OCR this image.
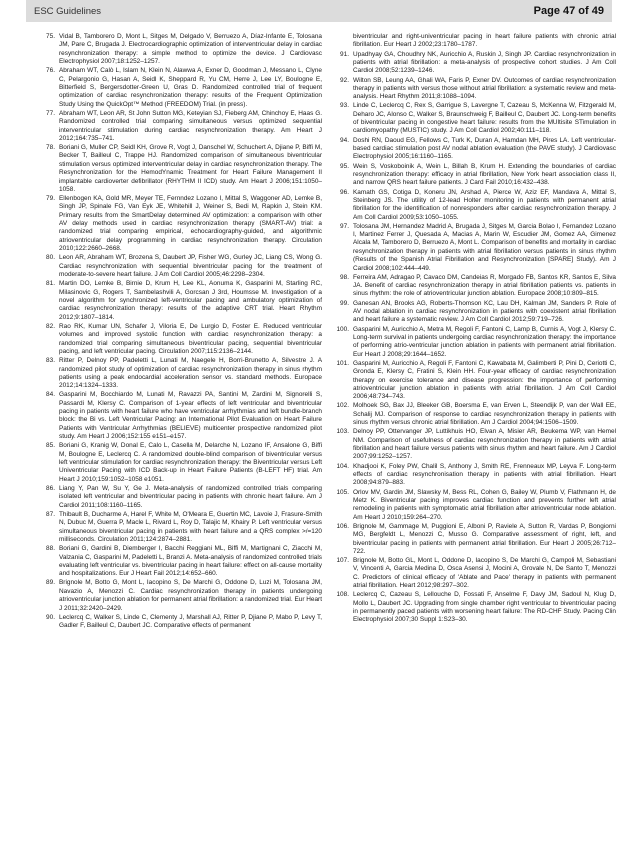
ESC Guidelines	Page 47 of 49
75. Vidal B, Tamborero D, Mont L, Sitges M, Delgado V, Berruezo A, Díaz-Infante E, Tolosana JM, Pare C, Brugada J. Electrocardiographic optimization of interventricular delay in cardiac resynchronization therapy: a simple method to optimize the device. J Cardiovasc Electrophysiol 2007;18:1252–1257.
76. Abraham WT, Calò L, Islam N, Klein N, Alawwa A, Exner D, Goodman J, Messano L, Clyne C, Pelargonio G, Hasan A, Seidl K, Sheppard R, Yu CM, Herre J, Lee LY, Boulogne E, Bitterfield S, Bergersdotter-Green U, Gras D. Randomized controlled trial of frequent optimization of cardiac resynchronization therapy: results of the Frequent Optimization Study Using the QuickOpt™ Method (FREEDOM) Trial. (in press).
77. Abraham WT, Leon AR, St John Sutton MG, Keteyian SJ, Fieberg AM, Chinchoy E, Haas G. Randomized controlled trial comparing simultaneous versus optimized sequential interventricular stimulation during cardiac resynchronization therapy. Am Heart J 2012;164:735–741.
78. Boriani G, Muller CP, Seidl KH, Grove R, Vogt J, Danschel W, Schuchert A, Djiane P, Biffi M, Becker T, Bailleul C, Trappe HJ. Randomized comparison of simultaneous biventricular stimulation versus optimized interventricular delay in cardiac resynchronization therapy. The Resynchronization for the HemodYnamic Treatment for Heart Failure Management II implantable cardioverter defibrillator (RHYTHM II ICD) study. Am Heart J 2006;151:1050–1058.
79. Ellenbogen KA, Gold MR, Meyer TE, Fernndez Lozano I, Mittal S, Waggoner AD, Lemke B, Singh JP, Spinale FG, Van Eyk JE, Whitehill J, Weiner S, Bedi M, Rapkin J, Stein KM. Primary results from the SmartDelay determined AV optimization: a comparison with other AV delay methods used in cardiac resynchronization therapy (SMART-AV) trial: a randomized trial comparing empirical, echocardiography-guided, and algorithmic atrioventricular delay programming in cardiac resynchronization therapy. Circulation 2010;122:2660–2668.
80. Leon AR, Abraham WT, Brozena S, Daubert JP, Fisher WG, Gurley JC, Liang CS, Wong G. Cardiac resynchronization with sequential biventricular pacing for the treatment of moderate-to-severe heart failure. J Am Coll Cardiol 2005;46:2298–2304.
81. Martin DO, Lemke B, Birnie D, Krum H, Lee KL, Aonuma K, Gasparini M, Starling RC, Milasinovic G, Rogers T, Sambelashvili A, Gorcsan J 3rd, Houmsse M. Investigation of a novel algorithm for synchronized left-ventricular pacing and ambulatory optimization of cardiac resynchronization therapy: results of the adaptive CRT trial. Heart Rhythm 2012;9:1807–1814.
82. Rao RK, Kumar UN, Schafer J, Viloria E, De Lurgio D, Foster E. Reduced ventricular volumes and improved systolic function with cardiac resynchronization therapy: a randomized trial comparing simultaneous biventricular pacing, sequential biventricular pacing, and left ventricular pacing. Circulation 2007;115:2136–2144.
83. Ritter P, Delnoy PP, Padeletti L, Lunati M, Naegele H, Borri-Brunetto A, Silvestre J. A randomized pilot study of optimization of cardiac resynchronization therapy in sinus rhythm patients using a peak endocardial acceleration sensor vs. standard methods. Europace 2012;14:1324–1333.
84. Gasparini M, Bocchiardo M, Lunati M, Ravazzi PA, Santini M, Zardini M, Signorelli S, Passardi M, Klersy C. Comparison of 1-year effects of left ventricular and biventricular pacing in patients with heart failure who have ventricular arrhythmias and left bundle-branch block: the Bi vs. Left Ventricular Pacing: an International Pilot Evaluation on Heart Failure Patients with Ventricular Arrhythmias (BELIEVE) multicenter prospective randomized pilot study. Am Heart J 2006;152:155 e151–e157.
85. Boriani G, Kranig W, Donal E, Calo L, Casella M, Delarche N, Lozano IF, Ansalone G, Biffi M, Boulogne E, Leclercq C. A randomized double-blind comparison of biventricular versus left ventricular stimulation for cardiac resynchronization therapy: the Biventricular versus Left Univentricular Pacing with ICD Back-up in Heart Failure Patients (B-LEFT HF) trial. Am Heart J 2010;159:1052–1058 e1051.
86. Liang Y, Pan W, Su Y, Ge J. Meta-analysis of randomized controlled trials comparing isolated left ventricular and biventricular pacing in patients with chronic heart failure. Am J Cardiol 2011;108:1160–1165.
87. Thibault B, Ducharme A, Harel F, White M, O'Meara E, Guertin MC, Lavoie J, Frasure-Smith N, Dubuc M, Guerra P, Macle L, Rivard L, Roy D, Talajic M, Khairy P. Left ventricular versus simultaneous biventricular pacing in patients with heart failure and a QRS complex >/=120 milliseconds. Circulation 2011;124:2874–2881.
88. Boriani G, Gardini B, Diemberger I, Bacchi Reggiani ML, Biffi M, Martignani C, Ziacchi M, Valzania C, Gasparini M, Padeletti L, Branzi A. Meta-analysis of randomized controlled trials evaluating left ventricular vs. biventricular pacing in heart failure: effect on all-cause mortality and hospitalizations. Eur J Heart Fail 2012;14:652–660.
89. Brignole M, Botto G, Mont L, Iacopino S, De Marchi G, Oddone D, Luzi M, Tolosana JM, Navazio A, Menozzi C. Cardiac resynchronization therapy in patients undergoing atrioventricular junction ablation for permanent atrial fibrillation: a randomized trial. Eur Heart J 2011;32:2420–2429.
90. Leclercq C, Walker S, Linde C, Clementy J, Marshall AJ, Ritter P, Djiane P, Mabo P, Levy T, Gadler F, Bailleul C, Daubert JC. Comparative effects of permanent
biventricular and right-univentricular pacing in heart failure patients with chronic atrial fibrillation. Eur Heart J 2002;23:1780–1787.
91. Upadhyay GA, Choudhry NK, Auricchio A, Ruskin J, Singh JP. Cardiac resynchronization in patients with atrial fibrillation: a meta-analysis of prospective cohort studies. J Am Coll Cardiol 2008;52:1239–1246.
92. Wilton SB, Leung AA, Ghali WA, Faris P, Exner DV. Outcomes of cardiac resynchronization therapy in patients with versus those without atrial fibrillation: a systematic review and meta-analysis. Heart Rhythm 2011;8:1088–1094.
93. Linde C, Leclercq C, Rex S, Garrigue S, Lavergne T, Cazeau S, McKenna W, Fitzgerald M, Deharo JC, Alonso C, Walker S, Braunschweig F, Bailleul C, Daubert JC. Long-term benefits of biventricular pacing in congestive heart failure: results from the MUltisite STimulation in cardiomyopathy (MUSTIC) study. J Am Coll Cardiol 2002;40:111–118.
94. Doshi RN, Daoud EG, Fellows C, Turk K, Duran A, Hamdan MH, Pires LA. Left ventricular-based cardiac stimulation post AV nodal ablation evaluation (the PAVE study). J Cardiovasc Electrophysiol 2005;16:1160–1165.
95. Wein S, Voskoboinik A, Wein L, Billah B, Krum H. Extending the boundaries of cardiac resynchronization therapy: efficacy in atrial fibrillation, New York heart association class II, and narrow QRS heart failure patients. J Card Fail 2010;16:432–438.
96. Kamath GS, Cotiga D, Koneru JN, Arshad A, Pierce W, Aziz EF, Mandava A, Mittal S, Steinberg JS. The utility of 12-lead Holter monitoring in patients with permanent atrial fibrillation for the identification of nonresponders after cardiac resynchronization therapy. J Am Coll Cardiol 2009;53:1050–1055.
97. Tolosana JM, Hernandez Madrid A, Brugada J, Sitges M, Garcia Bolao I, Fernandez Lozano I, Martinez Ferrer J, Quesada A, Macias A, Marin W, Escudier JM, Gomez AA, Gimenez Alcala M, Tamborero D, Berruezo A, Mont L. Comparison of benefits and mortality in cardiac resynchronization therapy in patients with atrial fibrillation versus patients in sinus rhythm (Results of the Spanish Atrial Fibrillation and Resynchronization [SPARE] Study). Am J Cardiol 2008;102:444–449.
98. Ferreira AM, Adragao P, Cavaco DM, Candeias R, Morgado FB, Santos KR, Santos E, Silva JA. Benefit of cardiac resynchronization therapy in atrial fibrillation patients vs. patients in sinus rhythm: the role of atrioventricular junction ablation. Europace 2008;10:809–815.
99. Ganesan AN, Brooks AG, Roberts-Thomson KC, Lau DH, Kalman JM, Sanders P. Role of AV nodal ablation in cardiac resynchronization in patients with coexistent atrial fibrillation and heart failure a systematic review. J Am Coll Cardiol 2012;59:719–726.
100. Gasparini M, Auricchio A, Metra M, Regoli F, Fantoni C, Lamp B, Curnis A, Vogt J, Klersy C. Long-term survival in patients undergoing cardiac resynchronization therapy: the importance of performing atrio-ventricular junction ablation in patients with permanent atrial fibrillation. Eur Heart J 2008;29:1644–1652.
101. Gasparini M, Auricchio A, Regoli F, Fantoni C, Kawabata M, Galimberti P, Pini D, Ceriotti C, Gronda E, Klersy C, Fratini S, Klein HH. Four-year efficacy of cardiac resynchronization therapy on exercise tolerance and disease progression: the importance of performing atrioventricular junction ablation in patients with atrial fibrillation. J Am Coll Cardiol 2006;48:734–743.
102. Molhoek SG, Bax JJ, Bleeker GB, Boersma E, van Erven L, Steendijk P, van der Wall EE, Schalij MJ. Comparison of response to cardiac resynchronization therapy in patients with sinus rhythm versus chronic atrial fibrillation. Am J Cardiol 2004;94:1506–1509.
103. Delnoy PP, Ottervanger JP, Luttikhuis HO, Elvan A, Misier AR, Beukema WP, van Hemel NM. Comparison of usefulness of cardiac resynchronization therapy in patients with atrial fibrillation and heart failure versus patients with sinus rhythm and heart failure. Am J Cardiol 2007;99:1252–1257.
104. Khadjooi K, Foley PW, Chalil S, Anthony J, Smith RE, Frenneaux MP, Leyva F. Long-term effects of cardiac resynchronisation therapy in patients with atrial fibrillation. Heart 2008;94:879–883.
105. Orlov MV, Gardin JM, Slawsky M, Bess RL, Cohen G, Bailey W, Plumb V, Flathmann H, de Metz K. Biventricular pacing improves cardiac function and prevents further left atrial remodeling in patients with symptomatic atrial fibrillation after atrioventricular node ablation. Am Heart J 2010;159:264–270.
106. Brignole M, Gammage M, Puggioni E, Alboni P, Raviele A, Sutton R, Vardas P, Bongiorni MG, Bergfeldt L, Menozzi C, Musso G. Comparative assessment of right, left, and biventricular pacing in patients with permanent atrial fibrillation. Eur Heart J 2005;26:712–722.
107. Brignole M, Botto GL, Mont L, Oddone D, Iacopino S, De Marchi G, Campoli M, Sebastiani V, Vincenti A, Garcia Medina D, Osca Asensi J, Mocini A, Grovale N, De Santo T, Menozzi C. Predictors of clinical efficacy of 'Ablate and Pace' therapy in patients with permanent atrial fibrillation. Heart 2012;98:297–302.
108. Leclercq C, Cazeau S, Lellouche D, Fossati F, Anselme F, Davy JM, Sadoul N, Klug D, Mollo L, Daubert JC. Upgrading from single chamber right ventricular to biventricular pacing in permanently paced patients with worsening heart failure: The RD-CHF Study. Pacing Clin Electrophysiol 2007;30 Suppl 1:S23–30.
